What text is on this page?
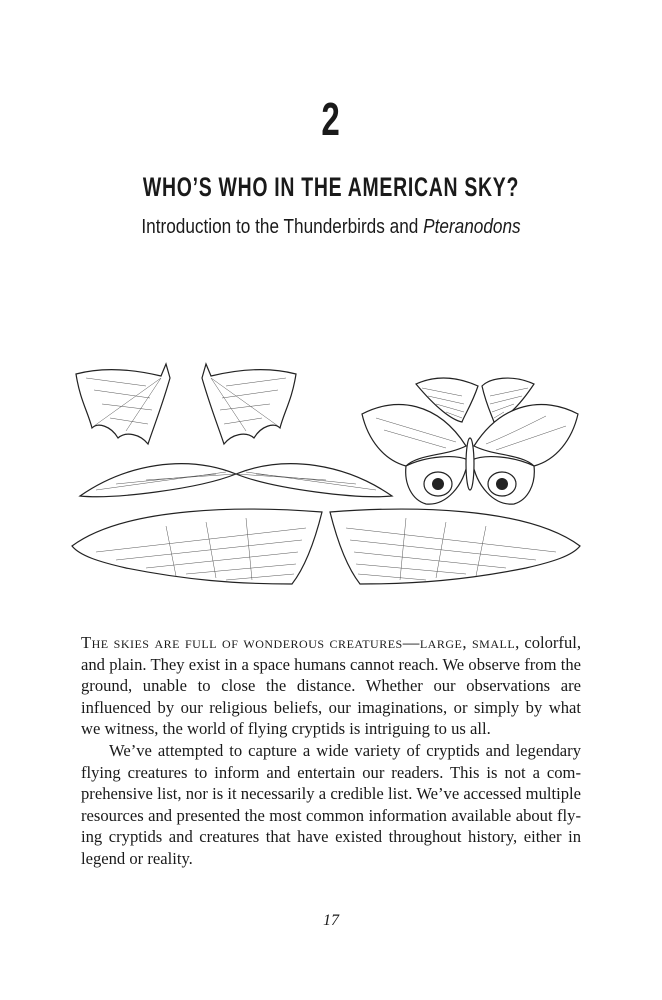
2
WHO’S WHO IN THE AMERICAN SKY?
Introduction to the Thunderbirds and Pteranodons

The skies are full of wonderous creatures—large, small, colorful, and plain. They exist in a space humans cannot reach. We observe from the ground, unable to close the distance. Whether our observations are influenced by our religious beliefs, our imaginations, or simply by what we witness, the world of flying cryptids is intriguing to us all.

We’ve attempted to capture a wide variety of cryptids and legendary flying creatures to inform and entertain our readers. This is not a comprehensive list, nor is it necessarily a credible list. We’ve accessed multiple resources and presented the most common information available about flying cryptids and creatures that have existed throughout history, either in legend or reality.

17
